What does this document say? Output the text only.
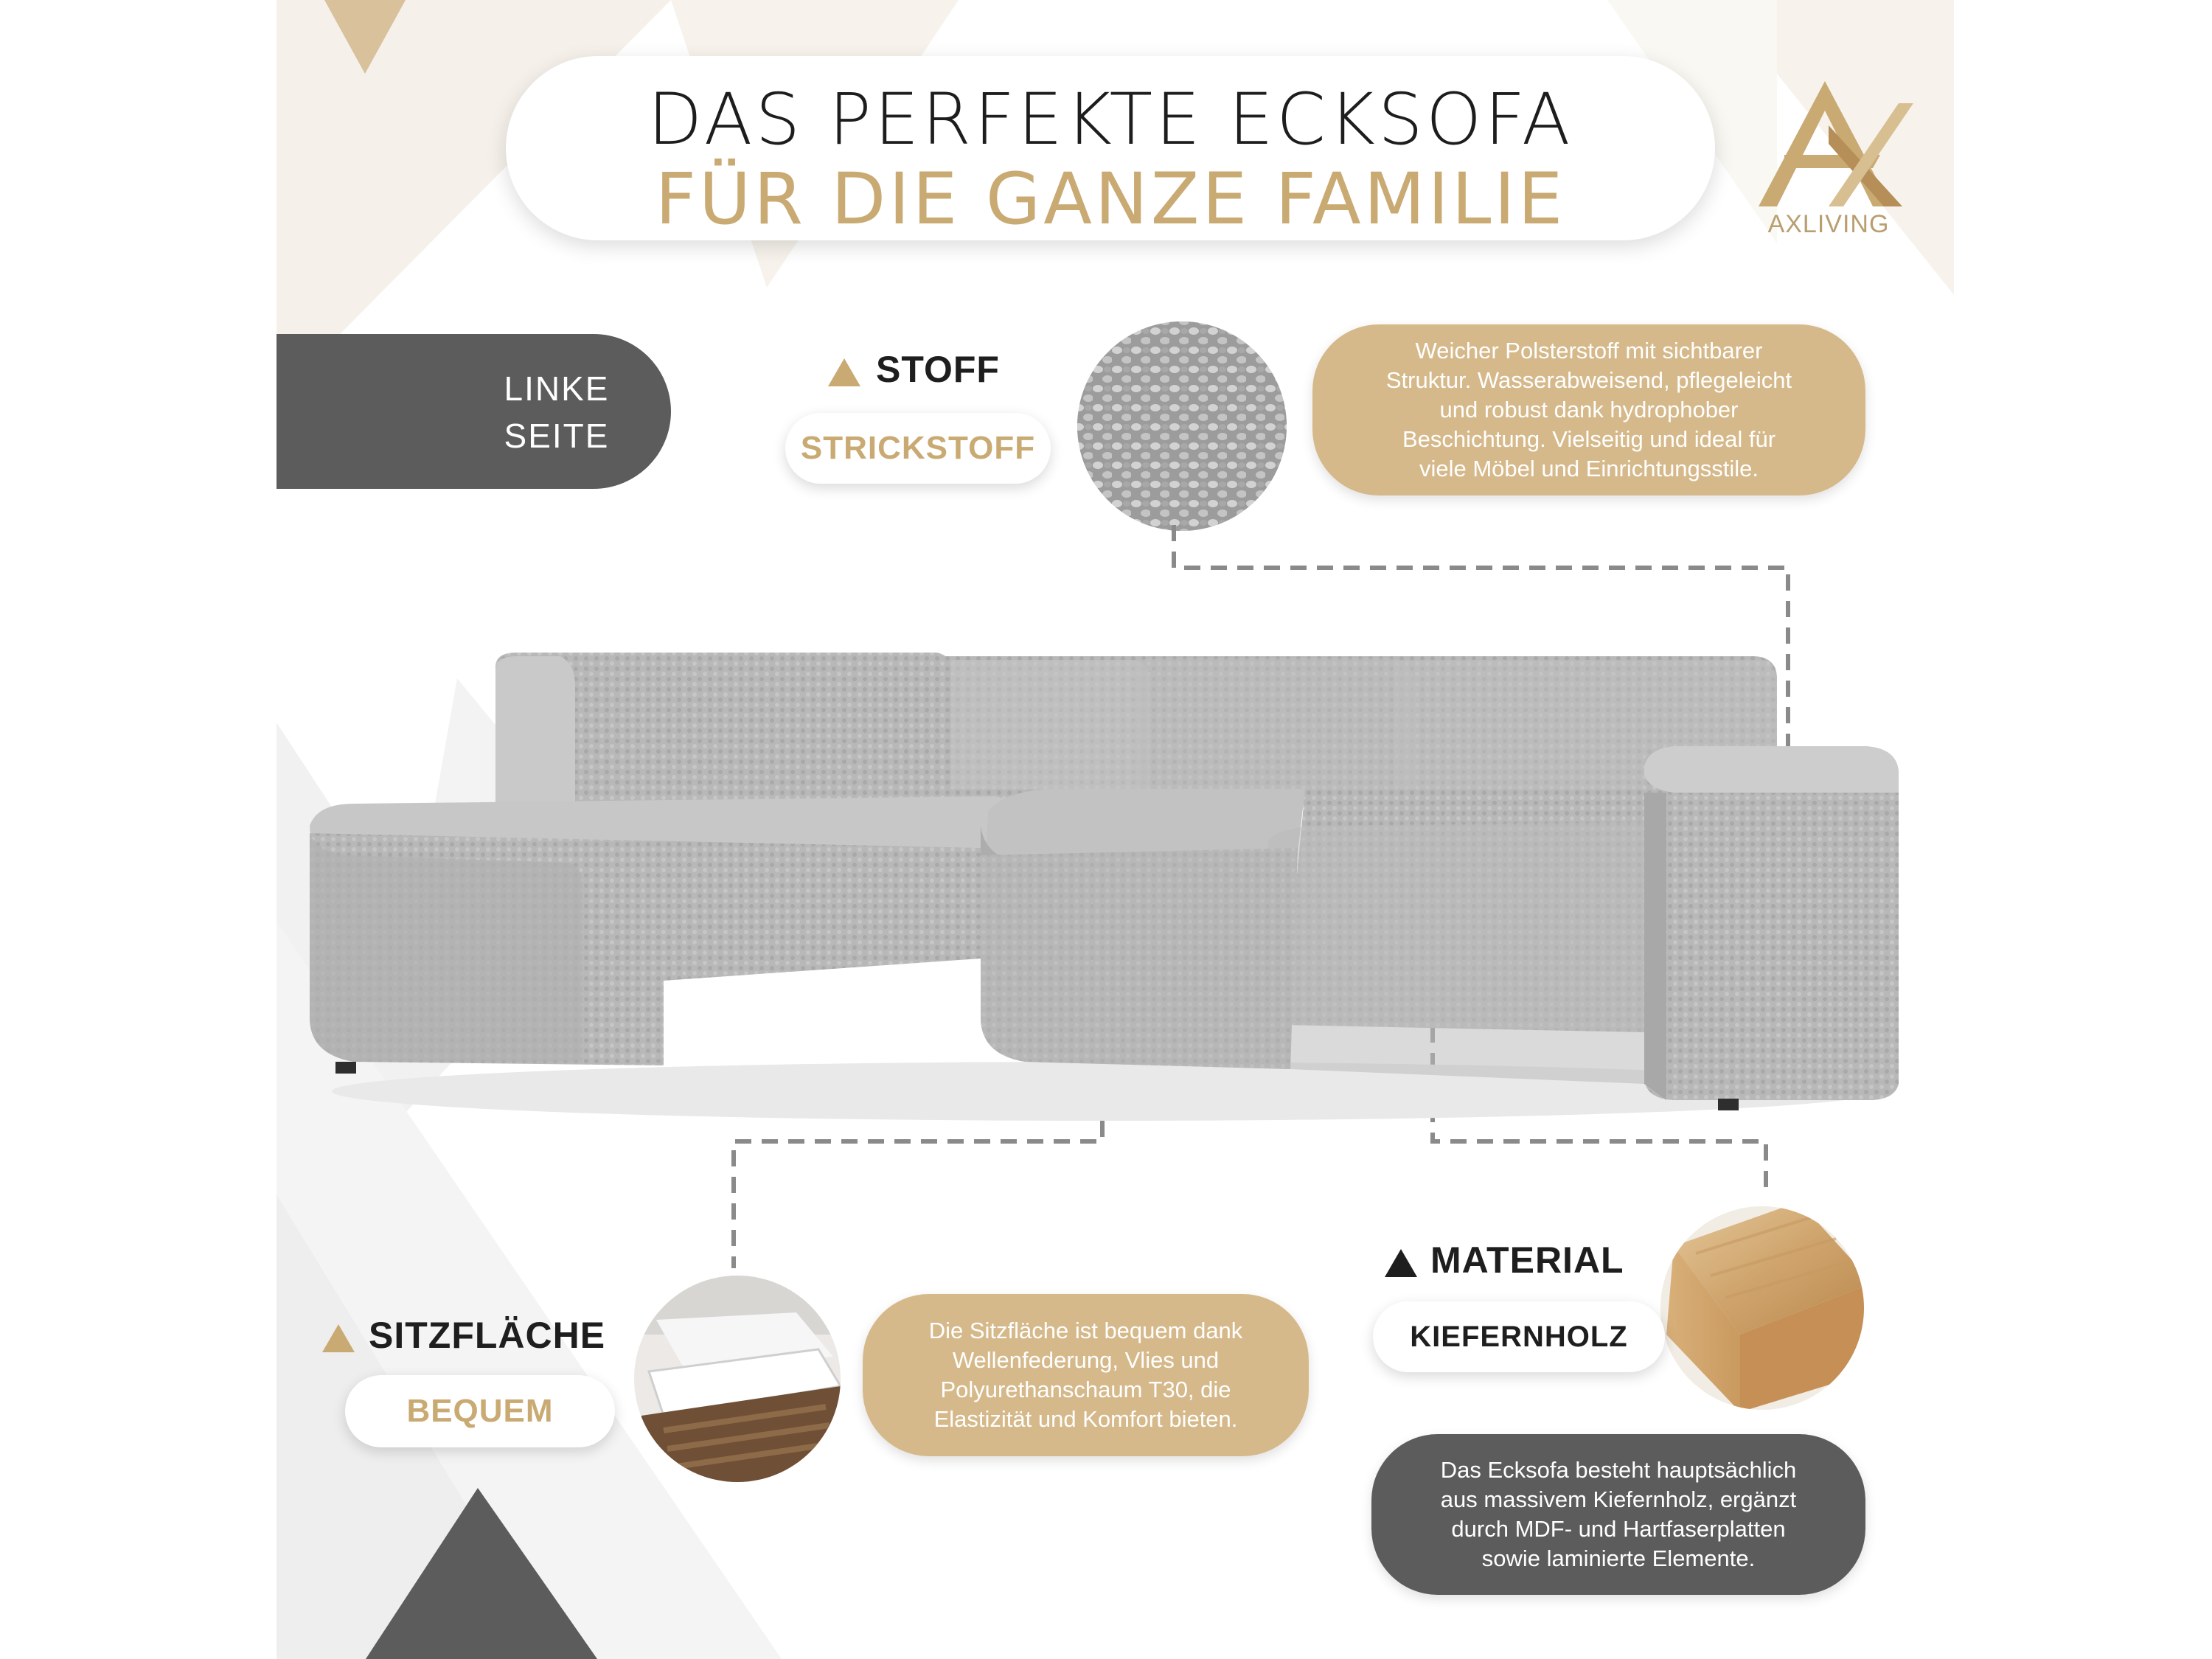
DAS PERFEKTE ECKSOFA
FÜR DIE GANZE FAMILIE	AXLIVING
LINKE
SEITE
STOFF
STRICKSTOFF
Weicher Polsterstoff mit sichtbarer
Struktur. Wasserabweisend, pflegeleicht
und robust dank hydrophober
Beschichtung. Vielseitig und ideal für
viele Möbel und Einrichtungsstile.
SITZFLÄCHE
BEQUEM
Die Sitzfläche ist bequem dank
Wellenfederung, Vlies und
Polyurethanschaum T30, die
Elastizität und Komfort bieten.
MATERIAL
KIEFERNHOLZ
Das Ecksofa besteht hauptsächlich
aus massivem Kiefernholz, ergänzt
durch MDF- und Hartfaserplatten
sowie laminierte Elemente.
